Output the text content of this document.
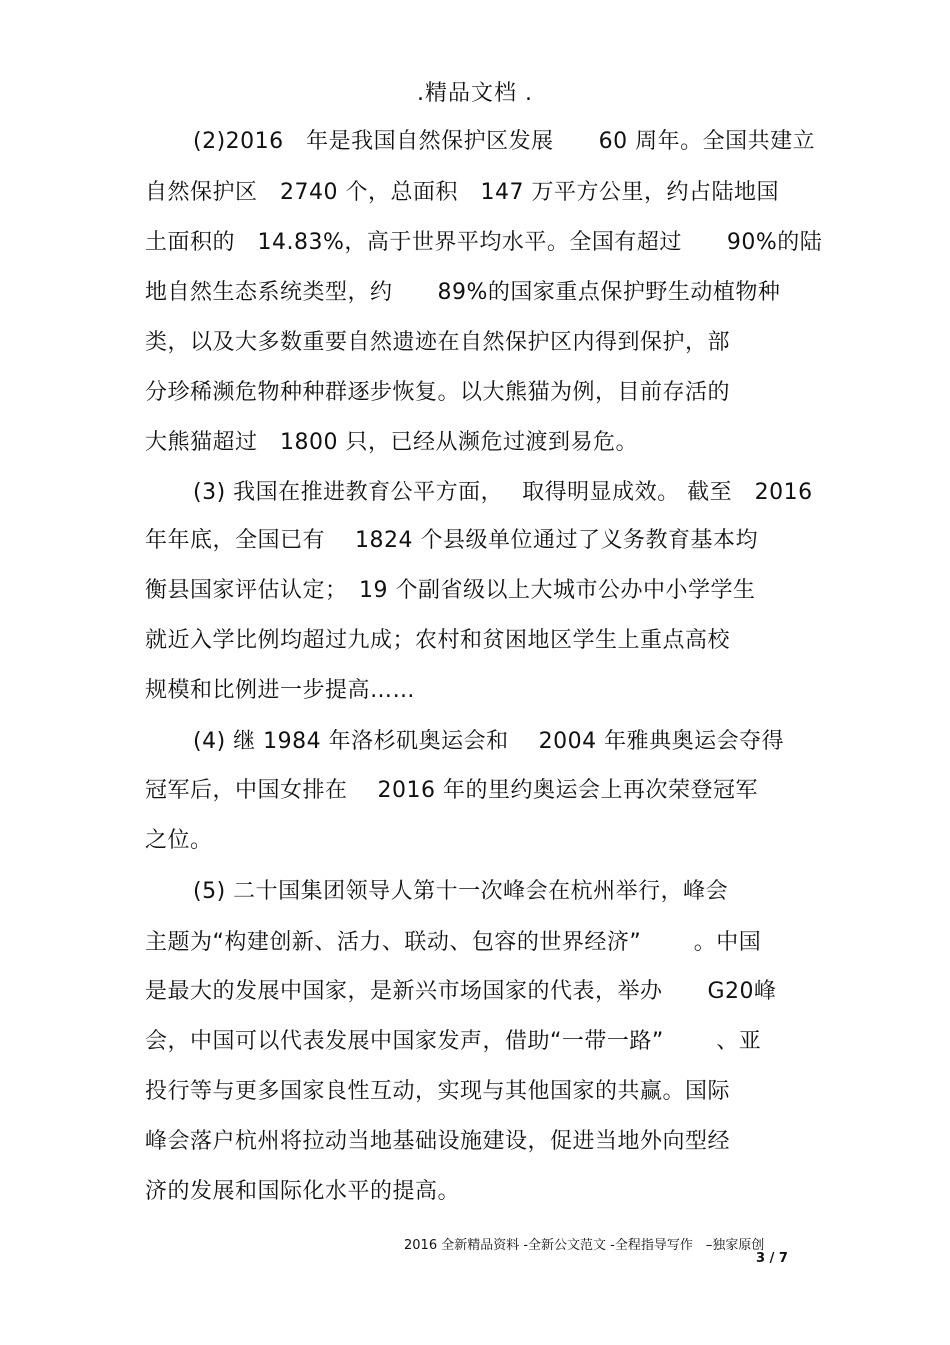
.精品文档 .
(2)2016　年是我国自然保护区发展　　60 周年。全国共建立
自然保护区　2740 个，总面积　147 万平方公里，约占陆地国
土面积的　14.83%，高于世界平均水平。全国有超过　　90%的陆
地自然生态系统类型，约　　89%的国家重点保护野生动植物种
类，以及大多数重要自然遗迹在自然保护区内得到保护，部
分珍稀濒危物种种群逐步恢复。以大熊猫为例，目前存活的
大熊猫超过　1800 只，已经从濒危过渡到易危。
(3) 我国在推进教育公平方面，　 取得明显成效。 截至　2016
年年底，全国已有　 1824 个县级单位通过了义务教育基本均
衡县国家评估认定；　19 个副省级以上大城市公办中小学学生
就近入学比例均超过九成；农村和贫困地区学生上重点高校
规模和比例进一步提高……
(4) 继 1984 年洛杉矶奥运会和　 2004 年雅典奥运会夺得
冠军后，中国女排在　 2016 年的里约奥运会上再次荣登冠军
之位。
(5) 二十国集团领导人第十一次峰会在杭州举行，峰会
主题为“构建创新、活力、联动、包容的世界经济”　　 。中国
是最大的发展中国家，是新兴市场国家的代表，举办　　G20峰
会，中国可以代表发展中国家发声，借助“一带一路”　　 、亚
投行等与更多国家良性互动，实现与其他国家的共赢。国际
峰会落户杭州将拉动当地基础设施建设，促进当地外向型经
济的发展和国际化水平的提高。
2016 全新精品资料 -全新公文范文 -全程指导写作　–独家原创
3 / 7
